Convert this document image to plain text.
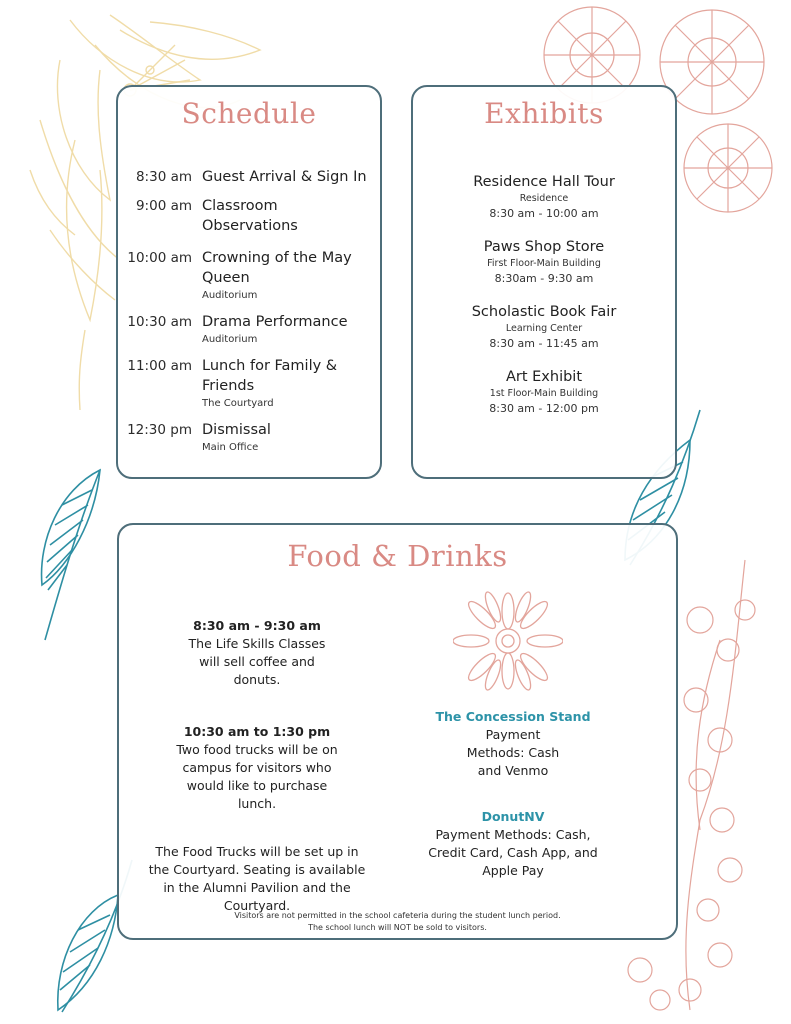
Schedule
8:30 am Guest Arrival & Sign In
9:00 am Classroom Observations
10:00 am Crowning of the May Queen
Auditorium
10:30 am Drama Performance
Auditorium
11:00 am Lunch for Family & Friends
The Courtyard
12:30 pm Dismissal
Main Office
Exhibits
Residence Hall Tour
Residence
8:30 am - 10:00 am
Paws Shop Store
First Floor-Main Building
8:30am - 9:30 am
Scholastic Book Fair
Learning Center
8:30 am - 11:45 am
Art Exhibit
1st Floor-Main Building
8:30 am - 12:00 pm
Food & Drinks
8:30 am - 9:30 am
The Life Skills Classes will sell coffee and donuts.
10:30 am to 1:30 pm
Two food trucks will be on campus for visitors who would like to purchase lunch.
The Food Trucks will be set up in the Courtyard. Seating is available in the Alumni Pavilion and the Courtyard.
The Concession Stand
Payment Methods: Cash and Venmo
DonutNV
Payment Methods: Cash, Credit Card, Cash App, and Apple Pay
Visitors are not permitted in the school cafeteria during the student lunch period.
The school lunch will NOT be sold to visitors.
